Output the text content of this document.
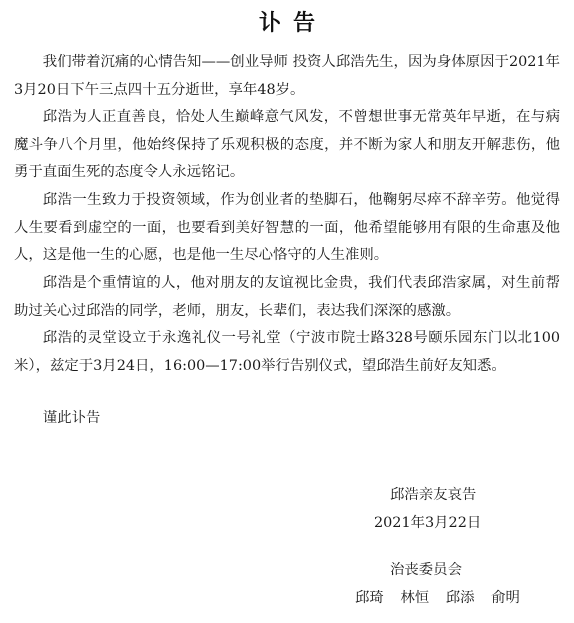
讣告

我们带着沉痛的心情告知——创业导师 投资人邱浩先生，因为身体原因于2021年3月20日下午三点四十五分逝世，享年48岁。

邱浩为人正直善良，恰处人生巅峰意气风发，不曾想世事无常英年早逝，在与病魔斗争八个月里，他始终保持了乐观积极的态度，并不断为家人和朋友开解悲伤，他勇于直面生死的态度令人永远铭记。

邱浩一生致力于投资领域，作为创业者的垫脚石，他鞠躬尽瘁不辞辛劳。他觉得人生要看到虚空的一面，也要看到美好智慧的一面，他希望能够用有限的生命惠及他人，这是他一生的心愿，也是他一生尽心恪守的人生准则。

邱浩是个重情谊的人，他对朋友的友谊视比金贵，我们代表邱浩家属，对生前帮助过关心过邱浩的同学，老师，朋友，长辈们，表达我们深深的感激。

邱浩的灵堂设立于永逸礼仪一号礼堂（宁波市院士路328号颐乐园东门以北100米），兹定于3月24日，16:00—17:00举行告别仪式，望邱浩生前好友知悉。

谨此讣告
邱浩亲友哀告
2021年3月22日
治丧委员会
邱琦 林恒 邱添 俞明
